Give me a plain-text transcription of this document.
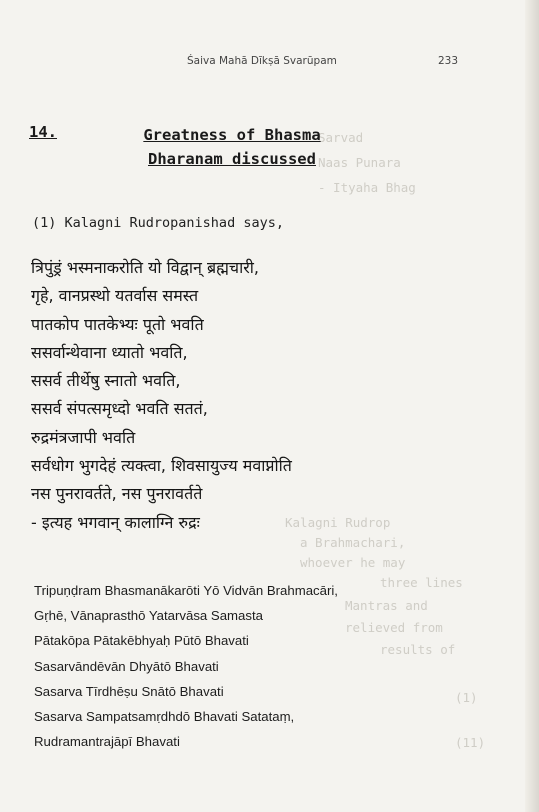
Sarvad
Naas Punara
- Ityaha Bhag
Kalagni Rudrop
a Brahmachari,
whoever he may
three lines
Mantras and
relieved from
results of
(1)
(11)
Śaiva Mahā Dīkṣā Svarūpam	233
14.	Greatness of Bhasma Dharanam discussed
(1) Kalagni Rudropanishad says,
त्रिपुंड्रं भस्मनाकरोति यो विद्वान् ब्रह्मचारी,
गृहे, वानप्रस्थो यतर्वास समस्त
पातकोप पातकेभ्यः पूतो भवति
ससर्वान्थेवाना ध्यातो भवति,
ससर्व तीर्थेषु स्नातो भवति,
ससर्व संपत्समृध्दो भवति सततं,
रुद्रमंत्रजापी भवति
सर्वधोग भुगदेहं त्यक्त्वा, शिवसायुज्य मवाप्नोति
नस पुनरावर्तते, नस पुनरावर्तते
- इत्यह भगवान् कालाग्नि रुद्रः
Tripuṇḍram Bhasmanākarōti Yō Vidvān Brahmacāri,
Gṛhē, Vānaprasthō Yatarvāsa Samasta
Pātakōpa Pātakēbhyaḥ Pūtō Bhavati
Sasarvāndēvān Dhyātō Bhavati
Sasarva Tīrdhēṣu Snātō Bhavati
Sasarva Sampatsamṛdhdō Bhavati Satataṃ,
Rudramantrajāpī Bhavati
